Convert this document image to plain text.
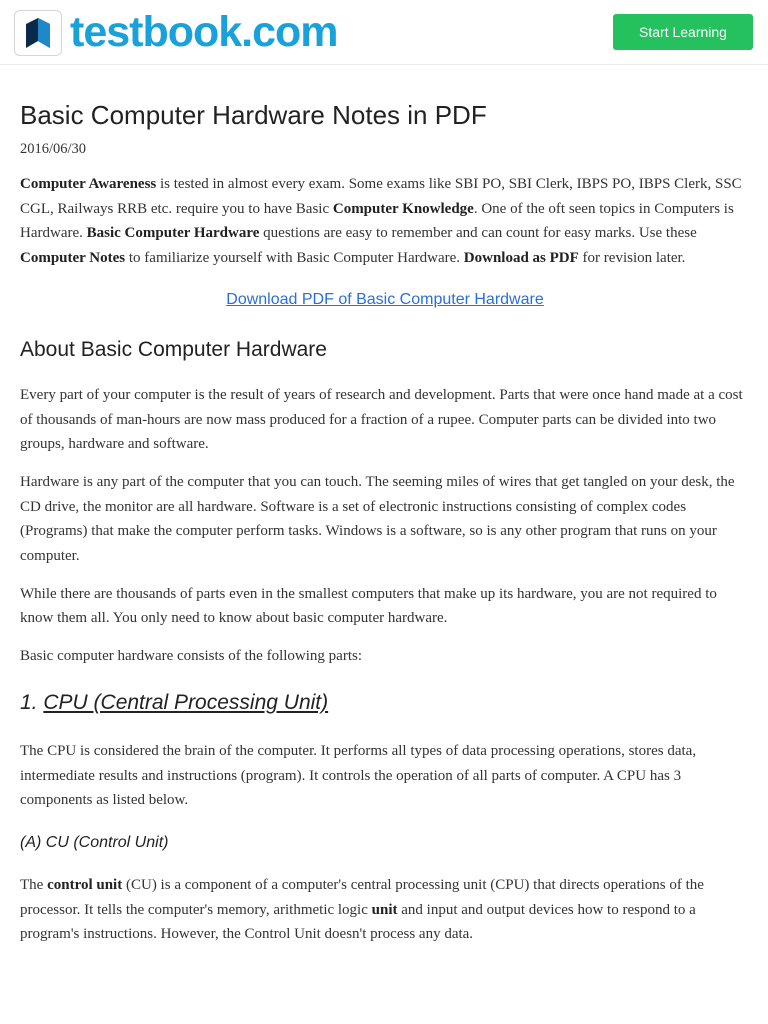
testbook.com	Start Learning
Basic Computer Hardware Notes in PDF
2016/06/30

Computer Awareness is tested in almost every exam. Some exams like SBI PO, SBI Clerk, IBPS PO, IBPS Clerk, SSC CGL, Railways RRB etc. require you to have Basic Computer Knowledge. One of the oft seen topics in Computers is Hardware. Basic Computer Hardware questions are easy to remember and can count for easy marks. Use these Computer Notes to familiarize yourself with Basic Computer Hardware. Download as PDF for revision later.

Download PDF of Basic Computer Hardware
About Basic Computer Hardware

Every part of your computer is the result of years of research and development. Parts that were once hand made at a cost of thousands of man-hours are now mass produced for a fraction of a rupee. Computer parts can be divided into two groups, hardware and software.

Hardware is any part of the computer that you can touch. The seeming miles of wires that get tangled on your desk, the CD drive, the monitor are all hardware. Software is a set of electronic instructions consisting of complex codes (Programs) that make the computer perform tasks. Windows is a software, so is any other program that runs on your computer.

While there are thousands of parts even in the smallest computers that make up its hardware, you are not required to know them all. You only need to know about basic computer hardware.

Basic computer hardware consists of the following parts:

1. CPU (Central Processing Unit)

The CPU is considered the brain of the computer. It performs all types of data processing operations, stores data, intermediate results and instructions (program). It controls the operation of all parts of computer. A CPU has 3 components as listed below.

(A) CU (Control Unit)

The control unit (CU) is a component of a computer's central processing unit (CPU) that directs operations of the processor. It tells the computer's memory, arithmetic logic unit and input and output devices how to respond to a program's instructions. However, the Control Unit doesn't process any data.
